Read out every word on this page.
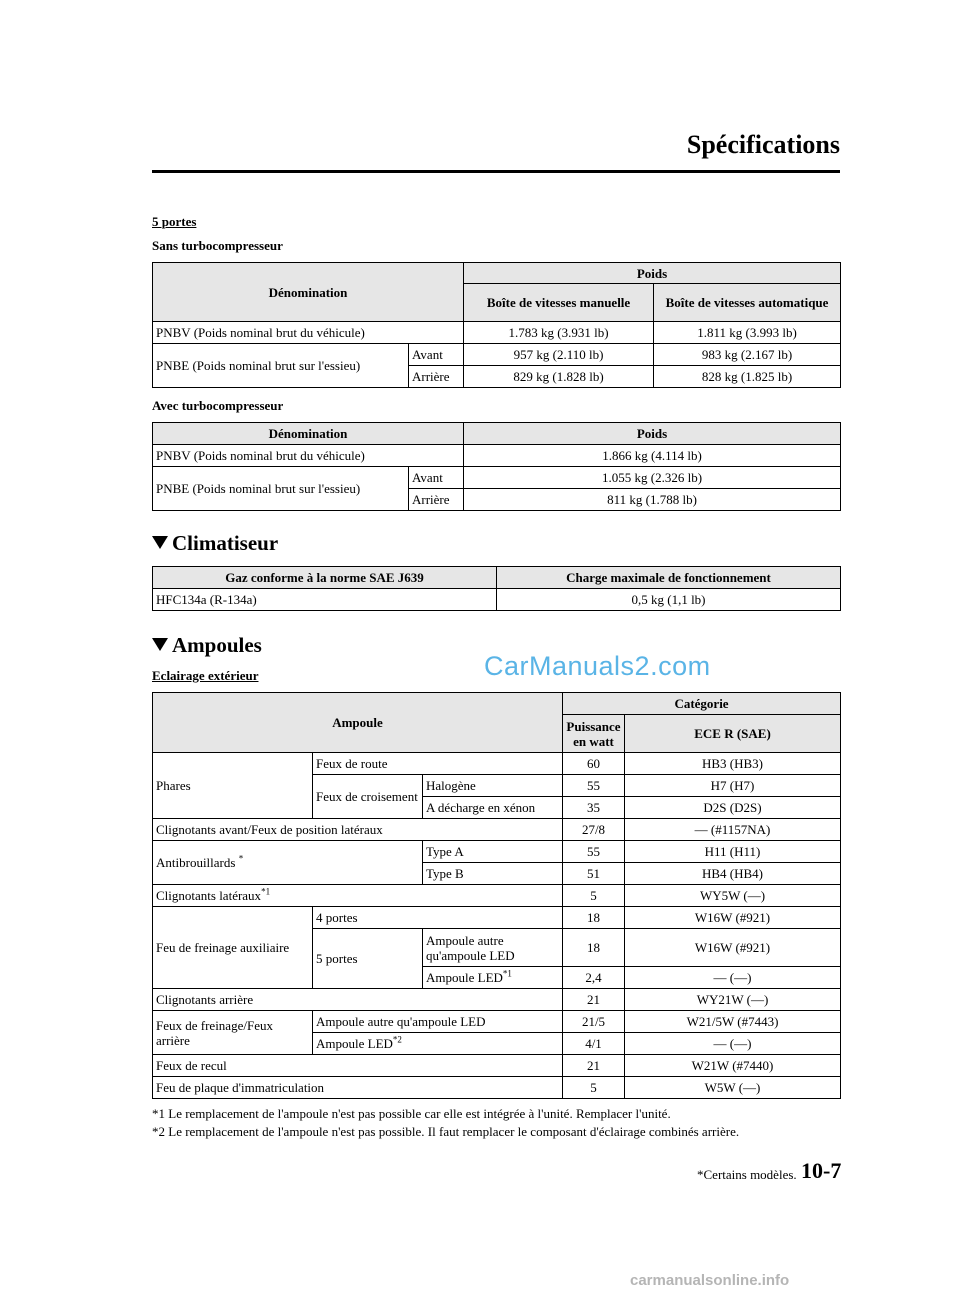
Spécifications
5 portes
Sans turbocompresseur
Dénomination		Poids	
		Boîte de vitesses manuelle	Boîte de vitesses automatique
PNBV (Poids nominal brut du véhicule)		1.783 kg (3.931 lb)	1.811 kg (3.993 lb)
PNBE (Poids nominal brut sur l'essieu)	Avant	957 kg (2.110 lb)	983 kg (2.167 lb)
	Arrière	829 kg (1.828 lb)	828 kg (1.825 lb)
Avec turbocompresseur
Dénomination		Poids
PNBV (Poids nominal brut du véhicule)		1.866 kg (4.114 lb)
PNBE (Poids nominal brut sur l'essieu)	Avant	1.055 kg (2.326 lb)
	Arrière	811 kg (1.788 lb)
Climatiseur
Gaz conforme à la norme SAE J639	Charge maximale de fonctionnement
HFC134a (R-134a)	0,5 kg (1,1 lb)
Ampoules
Eclairage extérieur	CarManuals2.com
Ampoule			Catégorie	
			Puissance en watt	ECE R (SAE)
Phares	Feux de route		60	HB3 (HB3)
	Feux de croisement	Halogène	55	H7 (H7)
		A décharge en xénon	35	D2S (D2S)
Clignotants avant/Feux de position latéraux			27/8	― (#1157NA)
Antibrouillards *		Type A	55	H11 (H11)
		Type B	51	HB4 (HB4)
Clignotants latéraux$^{*1}$			5	WY5W (―)
Feu de freinage auxiliaire	4 portes		18	W16W (#921)
	5 portes	Ampoule autre qu'ampoule LED	18	W16W (#921)
		Ampoule LED$^{*1}$	2,4	― (―)
Clignotants arrière			21	WY21W (―)
Feux de freinage/Feux arrière	Ampoule autre qu'ampoule LED		21/5	W21/5W (#7443)
	Ampoule LED$^{*2}$		4/1	― (―)
Feux de recul			21	W21W (#7440)
Feu de plaque d'immatriculation			5	W5W (―)
*1 Le remplacement de l'ampoule n'est pas possible car elle est intégrée à l'unité. Remplacer l'unité.
*2 Le remplacement de l'ampoule n'est pas possible. Il faut remplacer le composant d'éclairage combinés arrière.
*Certains modèles. 10-7
carmanualsonline.info
